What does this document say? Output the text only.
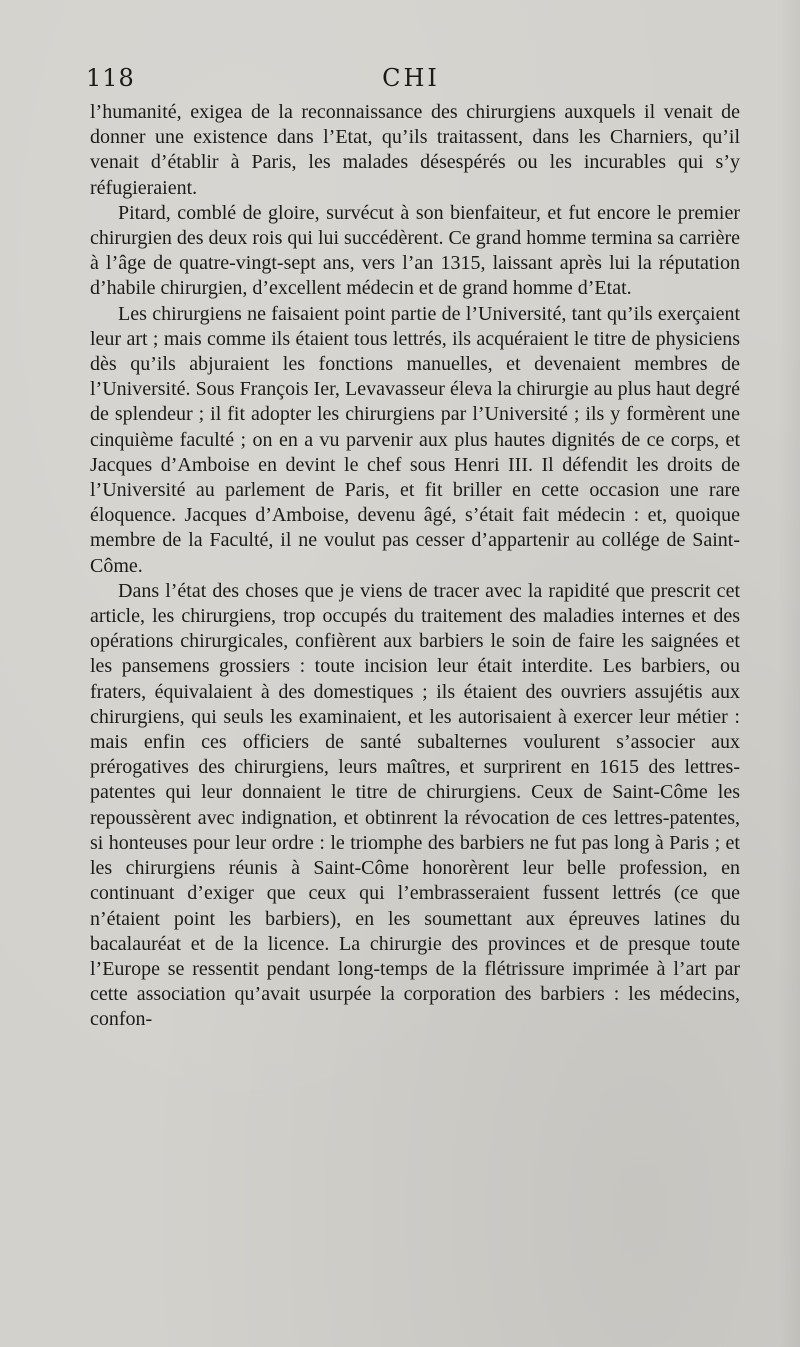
118	CHI

l’humanité, exigea de la reconnaissance des chirurgiens auxquels il venait de donner une existence dans l’Etat, qu’ils traitassent, dans les Charniers, qu’il venait d’établir à Paris, les malades désespérés ou les incurables qui s’y réfugieraient.

Pitard, comblé de gloire, survécut à son bienfaiteur, et fut encore le premier chirurgien des deux rois qui lui succédèrent. Ce grand homme termina sa carrière à l’âge de quatre-vingt-sept ans, vers l’an 1315, laissant après lui la réputation d’habile chirurgien, d’excellent médecin et de grand homme d’Etat.

Les chirurgiens ne faisaient point partie de l’Université, tant qu’ils exerçaient leur art ; mais comme ils étaient tous lettrés, ils acquéraient le titre de physiciens dès qu’ils abjuraient les fonctions manuelles, et devenaient membres de l’Université. Sous François Ier, Levavasseur éleva la chirurgie au plus haut degré de splendeur ; il fit adopter les chirurgiens par l’Université ; ils y formèrent une cinquième faculté ; on en a vu parvenir aux plus hautes dignités de ce corps, et Jacques d’Amboise en devint le chef sous Henri III. Il défendit les droits de l’Université au parlement de Paris, et fit briller en cette occasion une rare éloquence. Jacques d’Amboise, devenu âgé, s’était fait médecin : et, quoique membre de la Faculté, il ne voulut pas cesser d’appartenir au collége de Saint-Côme.

Dans l’état des choses que je viens de tracer avec la rapidité que prescrit cet article, les chirurgiens, trop occupés du traitement des maladies internes et des opérations chirurgicales, confièrent aux barbiers le soin de faire les saignées et les pansemens grossiers : toute incision leur était interdite. Les barbiers, ou fraters, équivalaient à des domestiques ; ils étaient des ouvriers assujétis aux chirurgiens, qui seuls les examinaient, et les autorisaient à exercer leur métier : mais enfin ces officiers de santé subalternes voulurent s’associer aux prérogatives des chirurgiens, leurs maîtres, et surprirent en 1615 des lettres-patentes qui leur donnaient le titre de chirurgiens. Ceux de Saint-Côme les repoussèrent avec indignation, et obtinrent la révocation de ces lettres-patentes, si honteuses pour leur ordre : le triomphe des barbiers ne fut pas long à Paris ; et les chirurgiens réunis à Saint-Côme honorèrent leur belle profession, en continuant d’exiger que ceux qui l’embrasseraient fussent lettrés (ce que n’étaient point les barbiers), en les soumettant aux épreuves latines du bacalauréat et de la licence. La chirurgie des provinces et de presque toute l’Europe se ressentit pendant long-temps de la flétrissure imprimée à l’art par cette association qu’avait usurpée la corporation des barbiers : les médecins, confon-
